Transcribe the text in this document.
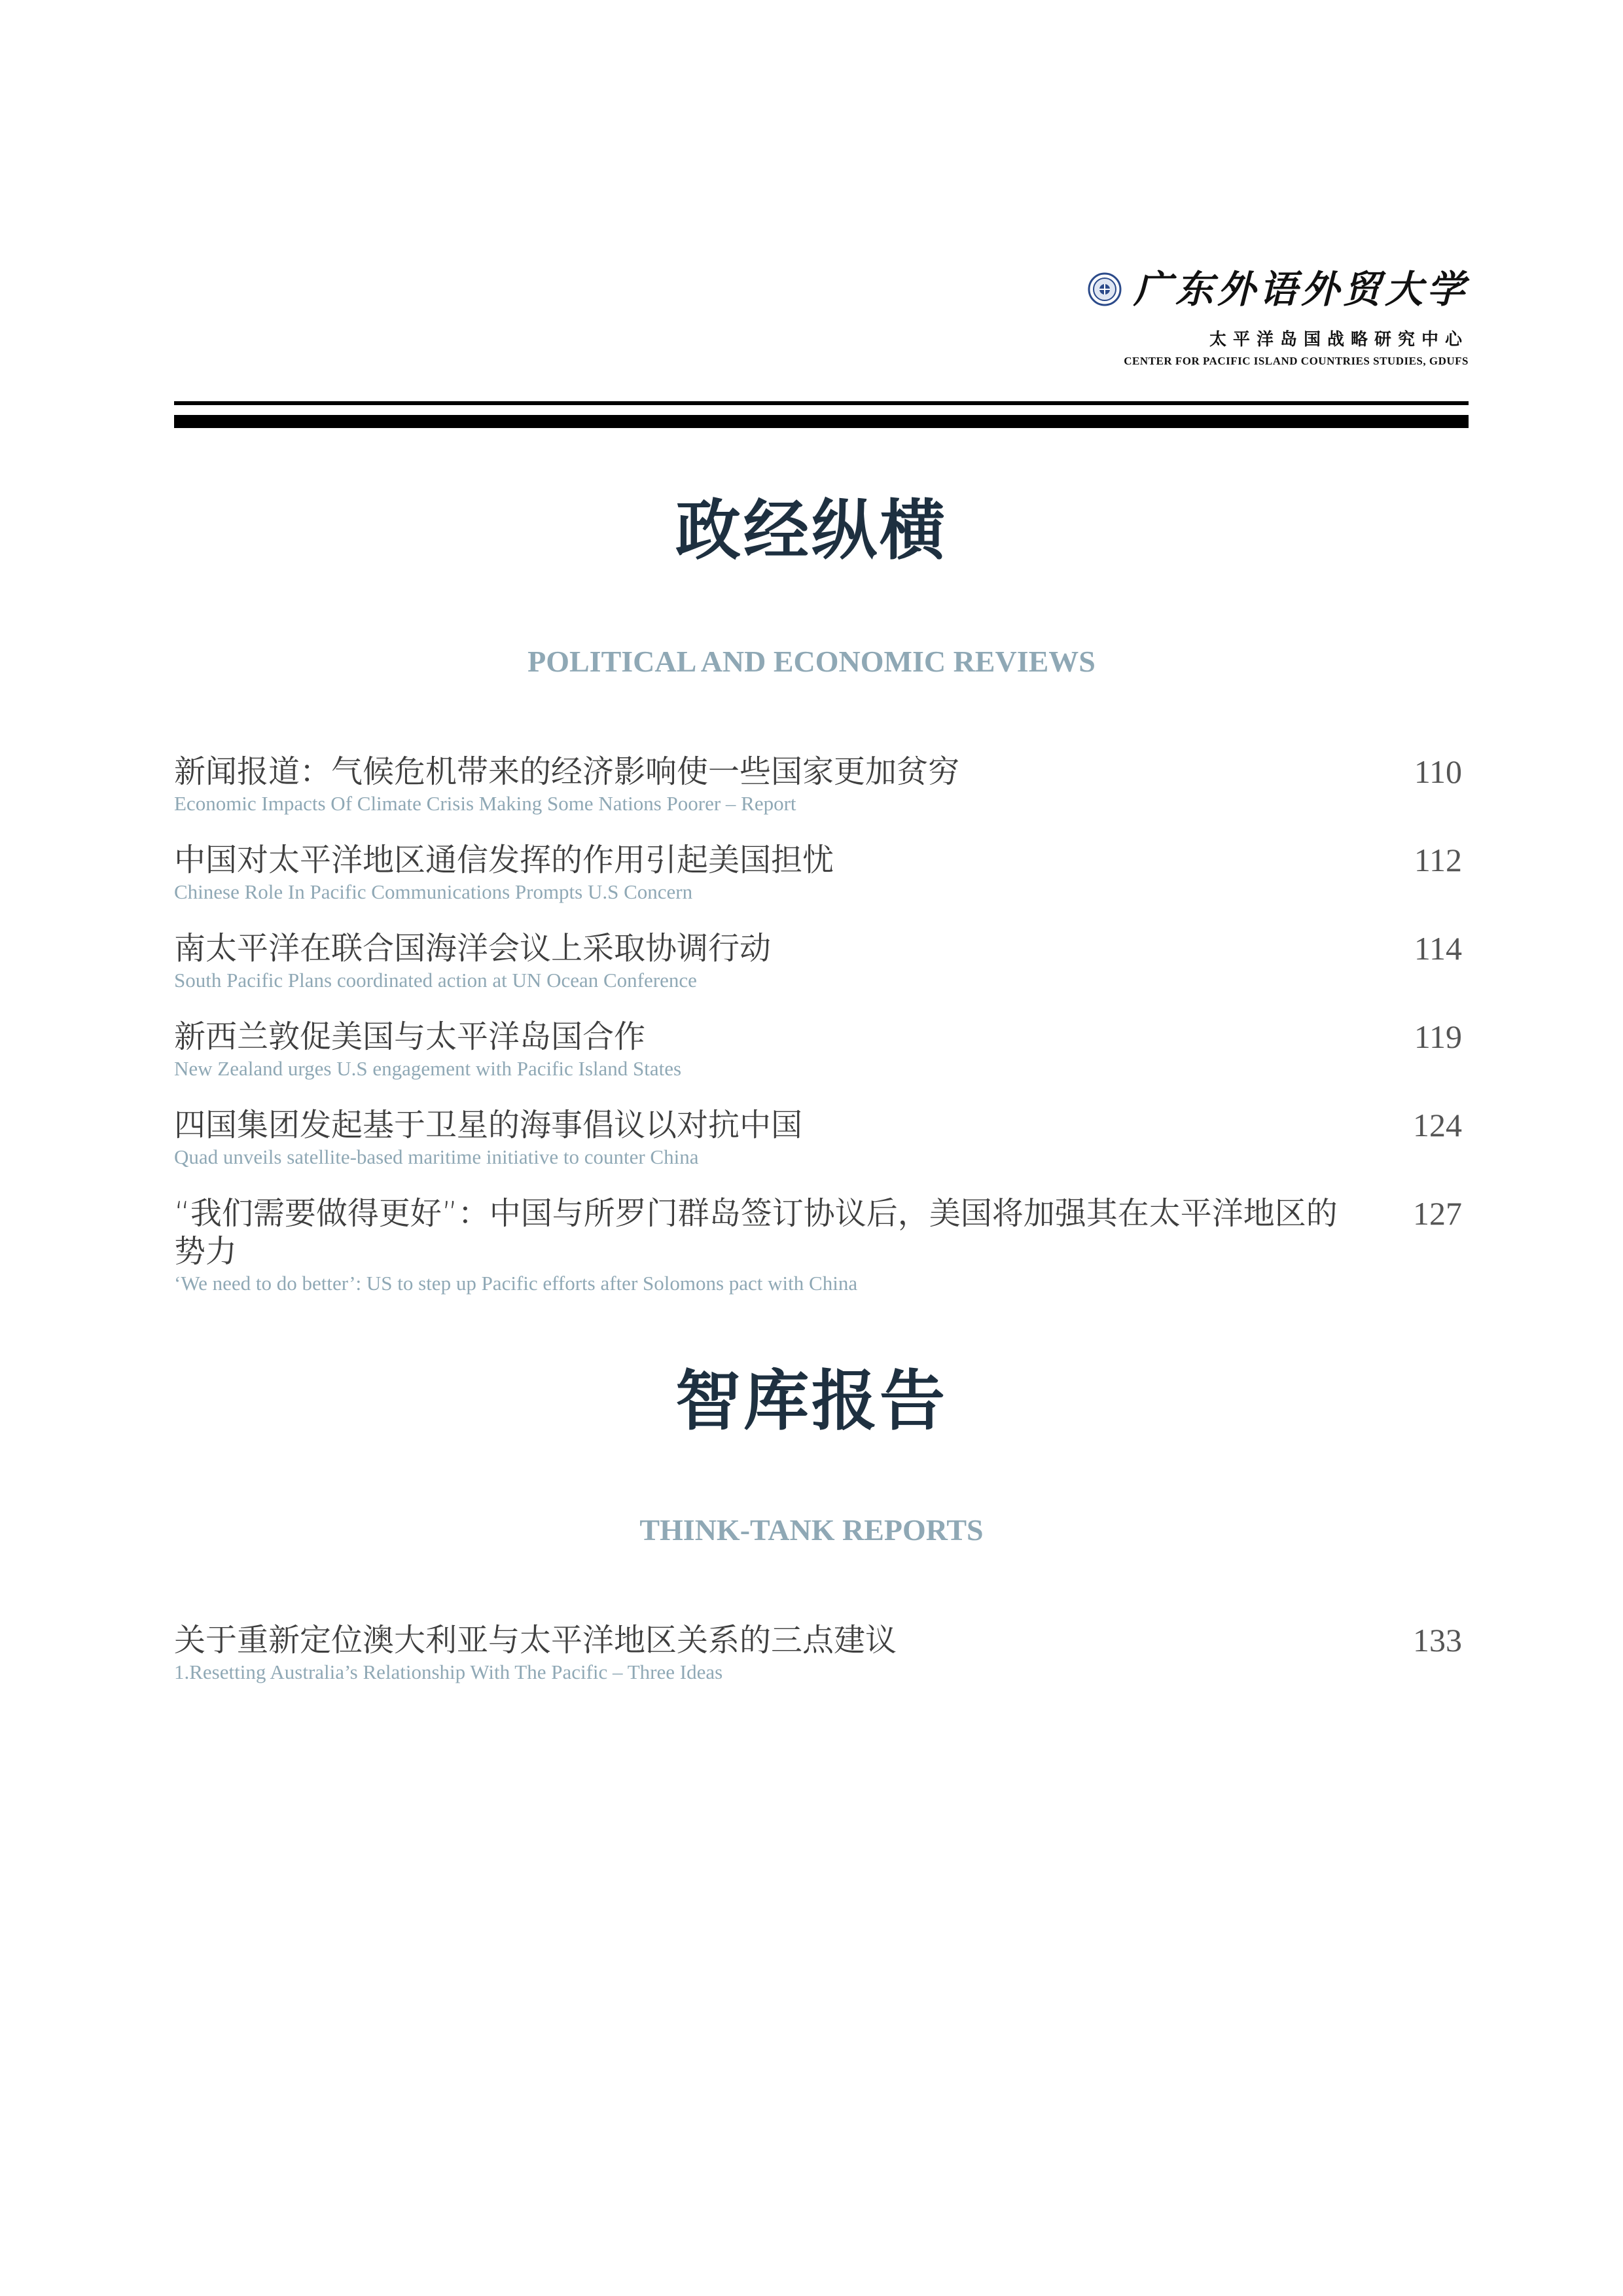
广东外语外贸大学
太平洋岛国战略研究中心
CENTER FOR PACIFIC ISLAND COUNTRIES STUDIES, GDUFS
政经纵横
POLITICAL AND ECONOMIC REVIEWS
新闻报道：气候危机带来的经济影响使一些国家更加贫穷
Economic Impacts Of Climate Crisis Making Some Nations Poorer – Report
110
中国对太平洋地区通信发挥的作用引起美国担忧
Chinese Role In Pacific Communications Prompts U.S Concern
112
南太平洋在联合国海洋会议上采取协调行动
South Pacific Plans coordinated action at UN Ocean Conference
114
新西兰敦促美国与太平洋岛国合作
New Zealand urges U.S engagement with Pacific Island States
119
四国集团发起基于卫星的海事倡议以对抗中国
Quad unveils satellite-based maritime initiative to counter China
124
“我们需要做得更好”：中国与所罗门群岛签订协议后，美国将加强其在太平洋地区的势力
‘We need to do better’: US to step up Pacific efforts after Solomons pact with China
127
智库报告
THINK-TANK REPORTS
关于重新定位澳大利亚与太平洋地区关系的三点建议
1.Resetting Australia’s Relationship With The Pacific – Three Ideas
133
